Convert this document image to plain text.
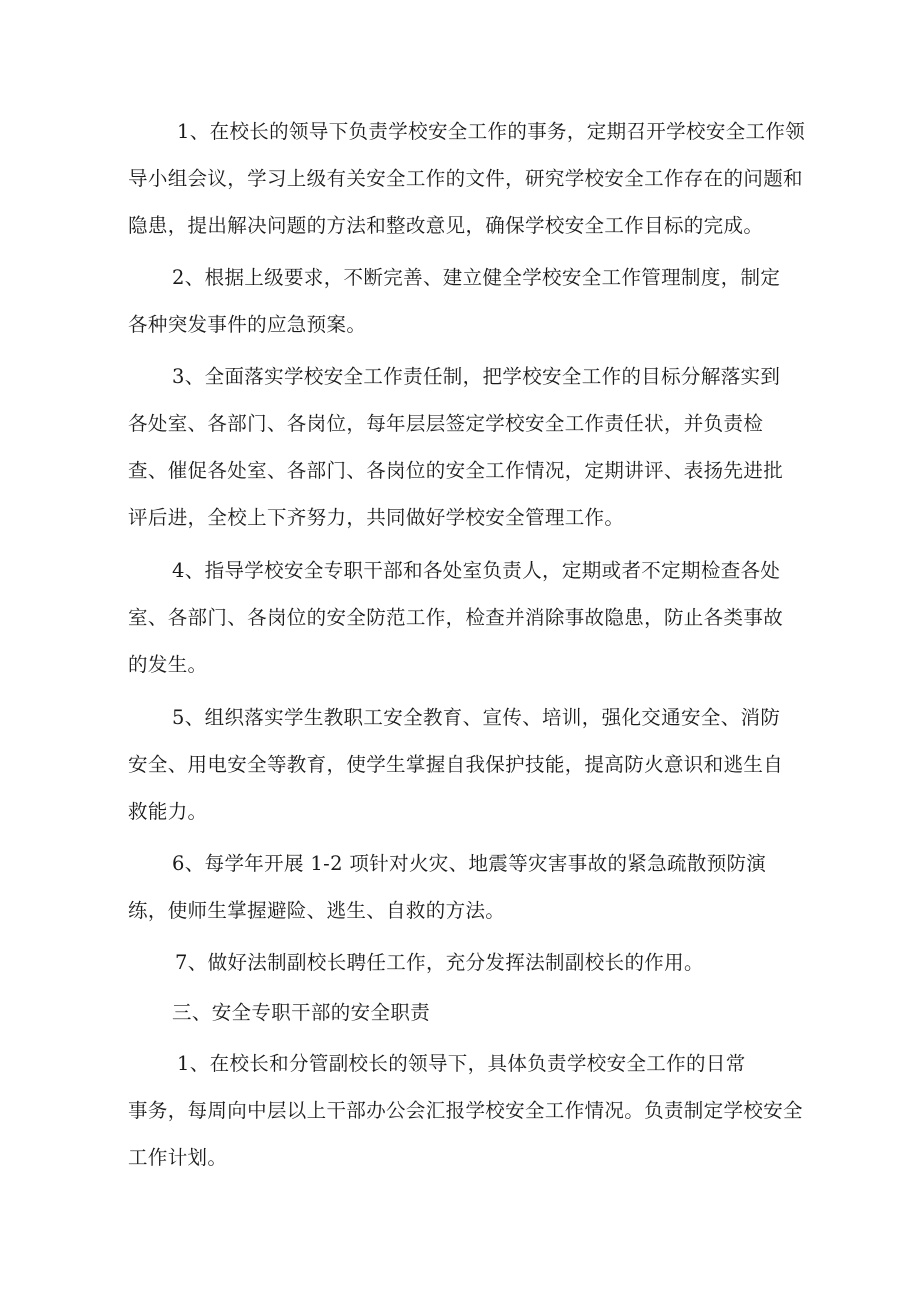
1、在校长的领导下负责学校安全工作的事务，定期召开学校安全工作领
导小组会议，学习上级有关安全工作的文件，研究学校安全工作存在的问题和
隐患，提出解决问题的方法和整改意见，确保学校安全工作目标的完成。
2、根据上级要求，不断完善、建立健全学校安全工作管理制度，制定
各种突发事件的应急预案。
3、全面落实学校安全工作责任制，把学校安全工作的目标分解落实到
各处室、各部门、各岗位，每年层层签定学校安全工作责任状，并负责检
查、催促各处室、各部门、各岗位的安全工作情况，定期讲评、表扬先进批
评后进，全校上下齐努力，共同做好学校安全管理工作。
4、指导学校安全专职干部和各处室负责人，定期或者不定期检查各处
室、各部门、各岗位的安全防范工作，检查并消除事故隐患，防止各类事故
的发生。
5、组织落实学生教职工安全教育、宣传、培训，强化交通安全、消防
安全、用电安全等教育，使学生掌握自我保护技能，提高防火意识和逃生自
救能力。
6、每学年开展 1-2 项针对火灾、地震等灾害事故的紧急疏散预防演
练，使师生掌握避险、逃生、自救的方法。
7、做好法制副校长聘任工作，充分发挥法制副校长的作用。
三、安全专职干部的安全职责
1、在校长和分管副校长的领导下，具体负责学校安全工作的日常
事务，每周向中层以上干部办公会汇报学校安全工作情况。负责制定学校安全
工作计划。
